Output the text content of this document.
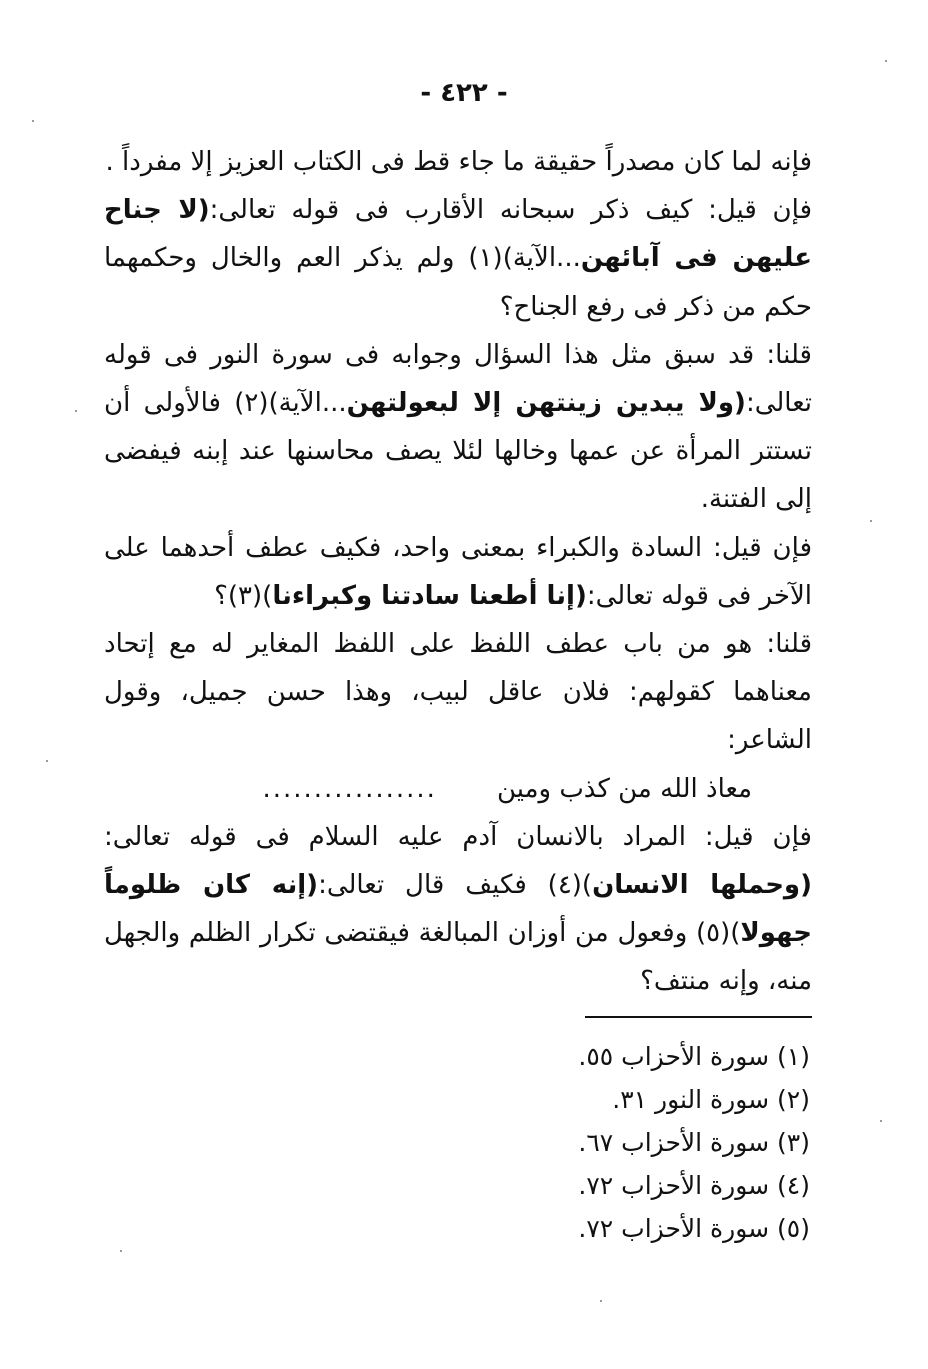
- ٤٢٢ -

فإنه لما كان مصدراً حقيقة ما جاء قط فى الكتاب العزيز إلا مفرداً .

فإن قيل: كيف ذكر سبحانه الأقارب فى قوله تعالى:(لا جناح عليهن فى آبائهن...الآية)(١) ولم يذكر العم والخال وحكمهما حكم من ذكر فى رفع الجناح؟

قلنا: قد سبق مثل هذا السؤال وجوابه فى سورة النور فى قوله تعالى:(ولا يبدين زينتهن إلا لبعولتهن...الآية)(٢) فالأولى أن تستتر المرأة عن عمها وخالها لئلا يصف محاسنها عند إبنه فيفضى إلى الفتنة.

فإن قيل: السادة والكبراء بمعنى واحد، فكيف عطف أحدهما على الآخر فى قوله تعالى:(إنا أطعنا سادتنا وكبراءنا)(٣)؟

قلنا: هو من باب عطف اللفظ على اللفظ المغاير له مع إتحاد معناهما كقولهم: فلان عاقل لبيب، وهذا حسن جميل، وقول الشاعر:

معاذ الله من كذب ومين
.................

فإن قيل: المراد بالانسان آدم عليه السلام فى قوله تعالى:(وحملها الانسان)(٤) فكيف قال تعالى:(إنه كان ظلوماً جهولا)(٥) وفعول من أوزان المبالغة فيقتضى تكرار الظلم والجهل منه، وإنه منتف؟

(١) سورة الأحزاب ٥٥.
(٢) سورة النور ٣١.
(٣) سورة الأحزاب ٦٧.
(٤) سورة الأحزاب ٧٢.
(٥) سورة الأحزاب ٧٢.
